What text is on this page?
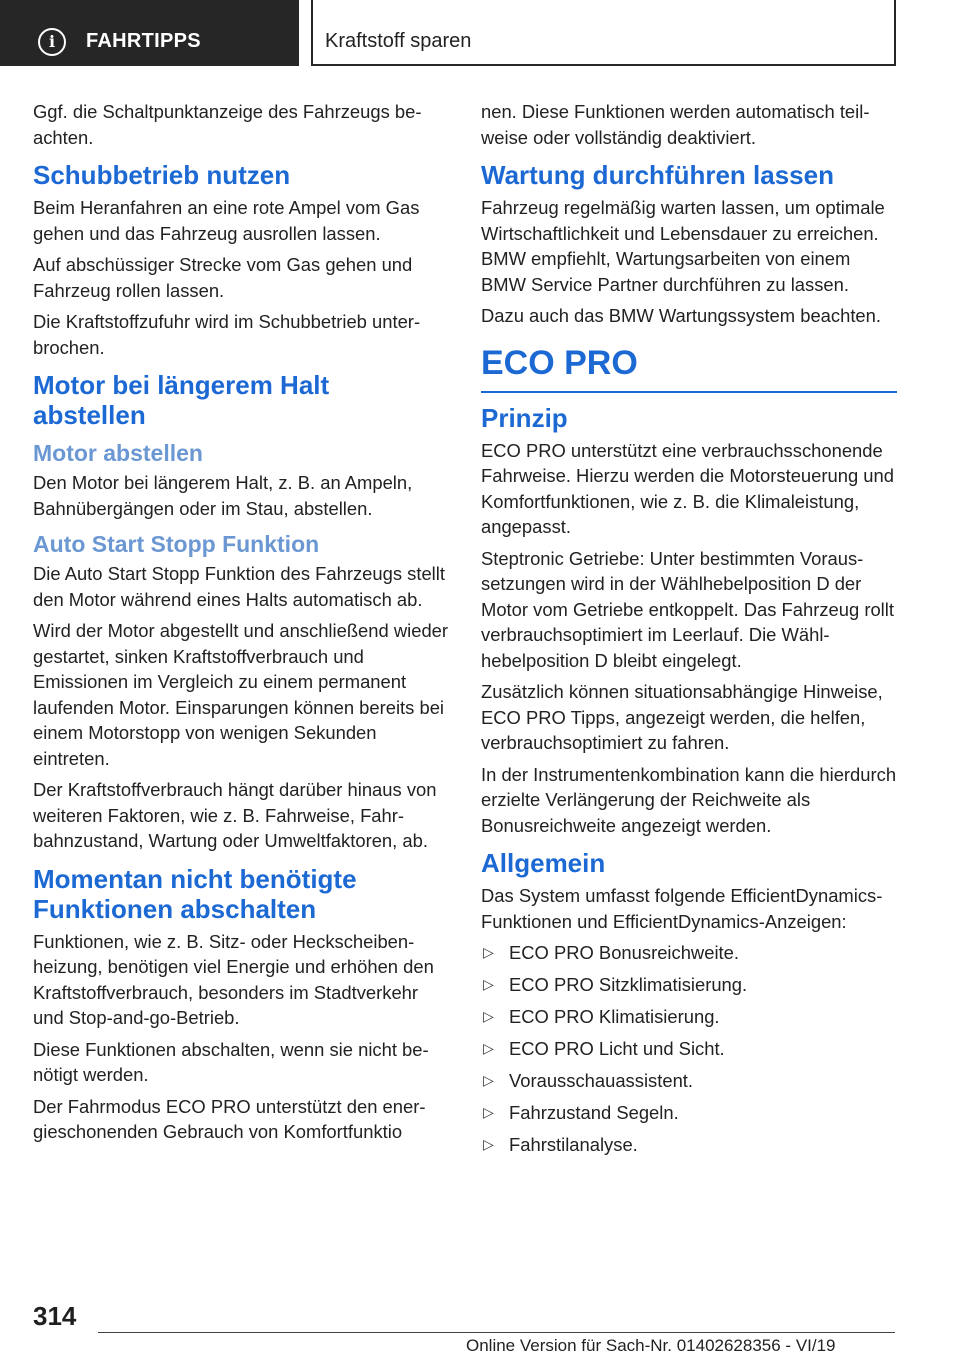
i	FAHRTIPPS	Kraftstoff sparen

Ggf. die Schaltpunktanzeige des Fahrzeugs beachten.

Schubbetrieb nutzen

Beim Heranfahren an eine rote Ampel vom Gas gehen und das Fahrzeug ausrollen lassen.

Auf abschüssiger Strecke vom Gas gehen und Fahrzeug rollen lassen.

Die Kraftstoffzufuhr wird im Schubbetrieb unterbrochen.

Motor bei längerem Halt abstellen
Motor abstellen

Den Motor bei längerem Halt, z. B. an Ampeln, Bahnübergängen oder im Stau, abstellen.

Auto Start Stopp Funktion

Die Auto Start Stopp Funktion des Fahrzeugs stellt den Motor während eines Halts automatisch ab.

Wird der Motor abgestellt und anschließend wieder gestartet, sinken Kraftstoffverbrauch und Emissionen im Vergleich zu einem permanent laufenden Motor. Einsparungen können bereits bei einem Motorstopp von wenigen Sekunden eintreten.

Der Kraftstoffverbrauch hängt darüber hinaus von weiteren Faktoren, wie z. B. Fahrweise, Fahrbahnzustand, Wartung oder Umweltfaktoren, ab.

Momentan nicht benötigte Funktionen abschalten

Funktionen, wie z. B. Sitz- oder Heckscheibenheizung, benötigen viel Energie und erhöhen den Kraftstoffverbrauch, besonders im Stadtverkehr und Stop-and-go-Betrieb.

Diese Funktionen abschalten, wenn sie nicht benötigt werden.

Der Fahrmodus ECO PRO unterstützt den energieschonenden Gebrauch von Komfortfunktio

nen. Diese Funktionen werden automatisch teilweise oder vollständig deaktiviert.

Wartung durchführen lassen

Fahrzeug regelmäßig warten lassen, um optimale Wirtschaftlichkeit und Lebensdauer zu erreichen. BMW empfiehlt, Wartungsarbeiten von einem BMW Service Partner durchführen zu lassen.

Dazu auch das BMW Wartungssystem beachten.

ECO PRO
Prinzip

ECO PRO unterstützt eine verbrauchsschonende Fahrweise. Hierzu werden die Motorsteuerung und Komfortfunktionen, wie z. B. die Klimaleistung, angepasst.

Steptronic Getriebe: Unter bestimmten Voraussetzungen wird in der Wählhebelposition D der Motor vom Getriebe entkoppelt. Das Fahrzeug rollt verbrauchsoptimiert im Leerlauf. Die Wählhebelposition D bleibt eingelegt.

Zusätzlich können situationsabhängige Hinweise, ECO PRO Tipps, angezeigt werden, die helfen, verbrauchsoptimiert zu fahren.

In der Instrumentenkombination kann die hierdurch erzielte Verlängerung der Reichweite als Bonusreichweite angezeigt werden.

Allgemein

Das System umfasst folgende EfficientDynamics-Funktionen und EfficientDynamics-Anzeigen:

▷ ECO PRO Bonusreichweite.
▷ ECO PRO Sitzklimatisierung.
▷ ECO PRO Klimatisierung.
▷ ECO PRO Licht und Sicht.
▷ Vorausschauassistent.
▷ Fahrzustand Segeln.
▷ Fahrstilanalyse.
314
Online Version für Sach-Nr. 01402628356 - VI/19
